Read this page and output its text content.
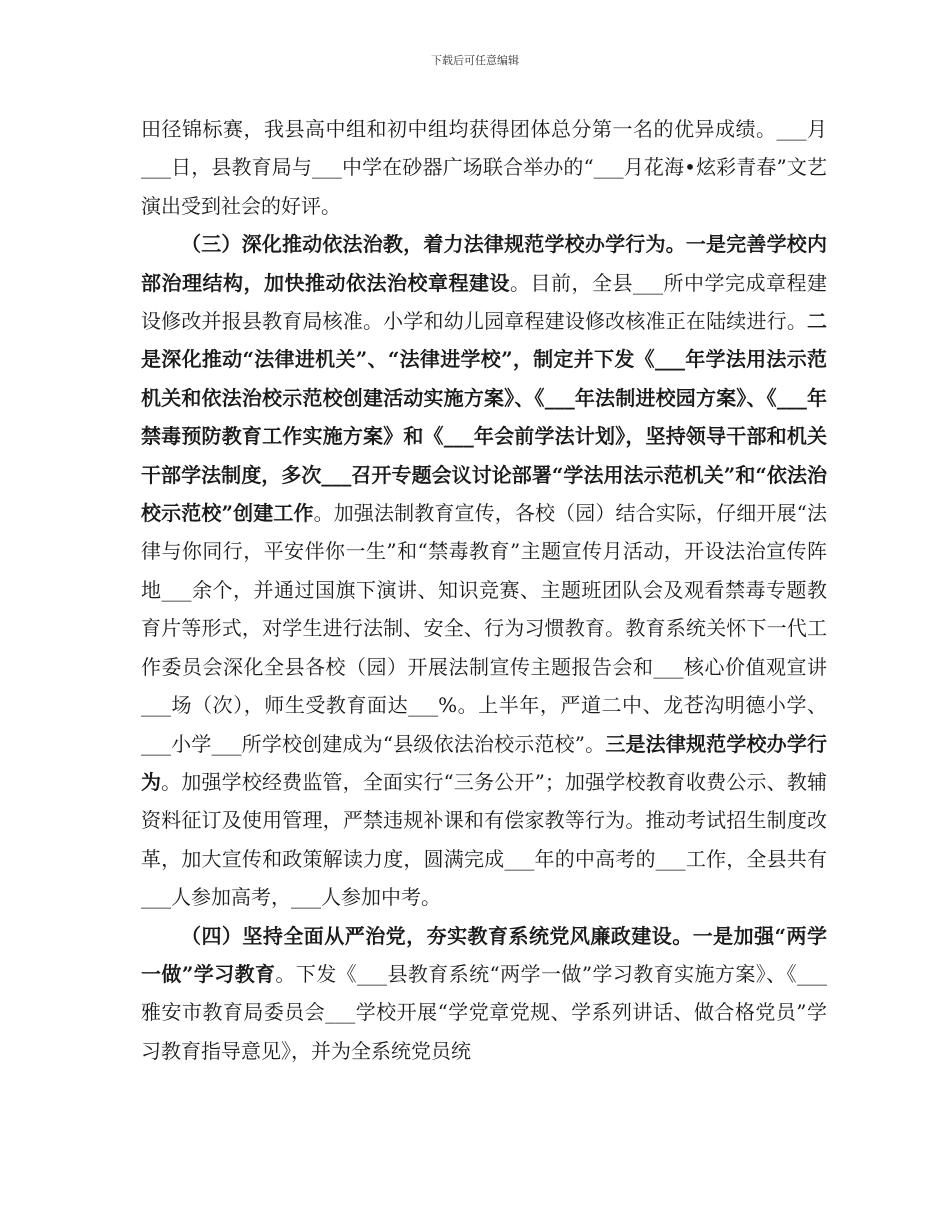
下载后可任意编辑

田径锦标赛，我县高中组和初中组均获得团体总分第一名的优异成绩。___月___日，县教育局与___中学在砂器广场联合举办的“___月花海•炫彩青春”文艺演出受到社会的好评。

（三）深化推动依法治教，着力法律规范学校办学行为。一是完善学校内部治理结构，加快推动依法治校章程建设。目前，全县___所中学完成章程建设修改并报县教育局核准。小学和幼儿园章程建设修改核准正在陆续进行。二是深化推动“法律进机关”、“法律进学校”，制定并下发《___年学法用法示范机关和依法治校示范校创建活动实施方案》、《___年法制进校园方案》、《___年禁毒预防教育工作实施方案》和《___年会前学法计划》，坚持领导干部和机关干部学法制度，多次___召开专题会议讨论部署“学法用法示范机关”和“依法治校示范校”创建工作。加强法制教育宣传，各校（园）结合实际，仔细开展“法律与你同行，平安伴你一生”和“禁毒教育”主题宣传月活动，开设法治宣传阵地___余个，并通过国旗下演讲、知识竞赛、主题班团队会及观看禁毒专题教育片等形式，对学生进行法制、安全、行为习惯教育。教育系统关怀下一代工作委员会深化全县各校（园）开展法制宣传主题报告会和___核心价值观宣讲___场（次），师生受教育面达___%。上半年，严道二中、龙苍沟明德小学、___小学___所学校创建成为“县级依法治校示范校”。三是法律规范学校办学行为。加强学校经费监管，全面实行“三务公开”；加强学校教育收费公示、教辅资料征订及使用管理，严禁违规补课和有偿家教等行为。推动考试招生制度改革，加大宣传和政策解读力度，圆满完成___年的中高考的___工作，全县共有___人参加高考，___人参加中考。

（四）坚持全面从严治党，夯实教育系统党风廉政建设。一是加强“两学一做”学习教育。下发《___县教育系统“两学一做”学习教育实施方案》、《___雅安市教育局委员会___学校开展“学党章党规、学系列讲话、做合格党员”学习教育指导意见》，并为全系统党员统
